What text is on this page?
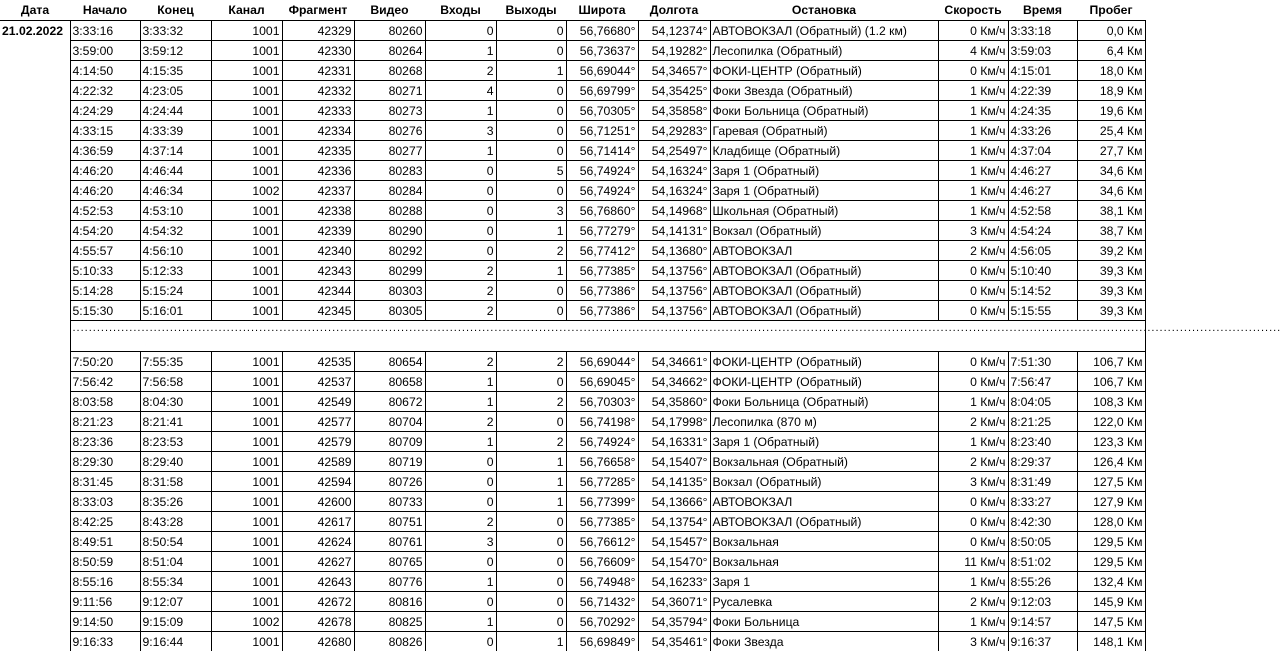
Дата	Начало	Конец	Канал	Фрагмент	Видео	Входы	Выходы	Широта	Долгота	Остановка	Скорость	Время	Пробег
21.02.2022	3:33:16	3:33:32	1001	42329	80260	0	0	56,76680°	54,12374°	АВТОВОКЗАЛ (Обратный) (1.2 км)	0 Км/ч	3:33:18	0,0 Км
	3:59:00	3:59:12	1001	42330	80264	1	0	56,73637°	54,19282°	Лесопилка (Обратный)	4 Км/ч	3:59:03	6,4 Км
	4:14:50	4:15:35	1001	42331	80268	2	1	56,69044°	54,34657°	ФОКИ-ЦЕНТР (Обратный)	0 Км/ч	4:15:01	18,0 Км
	4:22:32	4:23:05	1001	42332	80271	4	0	56,69799°	54,35425°	Фоки Звезда (Обратный)	1 Км/ч	4:22:39	18,9 Км
	4:24:29	4:24:44	1001	42333	80273	1	0	56,70305°	54,35858°	Фоки Больница (Обратный)	1 Км/ч	4:24:35	19,6 Км
	4:33:15	4:33:39	1001	42334	80276	3	0	56,71251°	54,29283°	Гаревая (Обратный)	1 Км/ч	4:33:26	25,4 Км
	4:36:59	4:37:14	1001	42335	80277	1	0	56,71414°	54,25497°	Кладбище (Обратный)	1 Км/ч	4:37:04	27,7 Км
	4:46:20	4:46:44	1001	42336	80283	0	5	56,74924°	54,16324°	Заря 1 (Обратный)	1 Км/ч	4:46:27	34,6 Км
	4:46:20	4:46:34	1002	42337	80284	0	0	56,74924°	54,16324°	Заря 1 (Обратный)	1 Км/ч	4:46:27	34,6 Км
	4:52:53	4:53:10	1001	42338	80288	0	3	56,76860°	54,14968°	Школьная (Обратный)	1 Км/ч	4:52:58	38,1 Км
	4:54:20	4:54:32	1001	42339	80290	0	1	56,77279°	54,14131°	Вокзал (Обратный)	3 Км/ч	4:54:24	38,7 Км
	4:55:57	4:56:10	1001	42340	80292	0	2	56,77412°	54,13680°	АВТОВОКЗАЛ	2 Км/ч	4:56:05	39,2 Км
	5:10:33	5:12:33	1001	42343	80299	2	1	56,77385°	54,13756°	АВТОВОКЗАЛ (Обратный)	0 Км/ч	5:10:40	39,3 Км
	5:14:28	5:15:24	1001	42344	80303	2	0	56,77386°	54,13756°	АВТОВОКЗАЛ (Обратный)	0 Км/ч	5:14:52	39,3 Км
	5:15:30	5:16:01	1001	42345	80305	2	0	56,77386°	54,13756°	АВТОВОКЗАЛ (Обратный)	0 Км/ч	5:15:55	39,3 Км
	..........................................................................................................................................................................................................................................................................................................												
	7:50:20	7:55:35	1001	42535	80654	2	2	56,69044°	54,34661°	ФОКИ-ЦЕНТР (Обратный)	0 Км/ч	7:51:30	106,7 Км
	7:56:42	7:56:58	1001	42537	80658	1	0	56,69045°	54,34662°	ФОКИ-ЦЕНТР (Обратный)	0 Км/ч	7:56:47	106,7 Км
	8:03:58	8:04:30	1001	42549	80672	1	2	56,70303°	54,35860°	Фоки Больница (Обратный)	1 Км/ч	8:04:05	108,3 Км
	8:21:23	8:21:41	1001	42577	80704	2	0	56,74198°	54,17998°	Лесопилка (870 м)	2 Км/ч	8:21:25	122,0 Км
	8:23:36	8:23:53	1001	42579	80709	1	2	56,74924°	54,16331°	Заря 1 (Обратный)	1 Км/ч	8:23:40	123,3 Км
	8:29:30	8:29:40	1001	42589	80719	0	1	56,76658°	54,15407°	Вокзальная (Обратный)	2 Км/ч	8:29:37	126,4 Км
	8:31:45	8:31:58	1001	42594	80726	0	1	56,77285°	54,14135°	Вокзал (Обратный)	3 Км/ч	8:31:49	127,5 Км
	8:33:03	8:35:26	1001	42600	80733	0	1	56,77399°	54,13666°	АВТОВОКЗАЛ	0 Км/ч	8:33:27	127,9 Км
	8:42:25	8:43:28	1001	42617	80751	2	0	56,77385°	54,13754°	АВТОВОКЗАЛ (Обратный)	0 Км/ч	8:42:30	128,0 Км
	8:49:51	8:50:54	1001	42624	80761	3	0	56,76612°	54,15457°	Вокзальная	0 Км/ч	8:50:05	129,5 Км
	8:50:59	8:51:04	1001	42627	80765	0	0	56,76609°	54,15470°	Вокзальная	11 Км/ч	8:51:02	129,5 Км
	8:55:16	8:55:34	1001	42643	80776	1	0	56,74948°	54,16233°	Заря 1	1 Км/ч	8:55:26	132,4 Км
	9:11:56	9:12:07	1001	42672	80816	0	0	56,71432°	54,36071°	Русалевка	2 Км/ч	9:12:03	145,9 Км
	9:14:50	9:15:09	1002	42678	80825	1	0	56,70292°	54,35794°	Фоки Больница	1 Км/ч	9:14:57	147,5 Км
	9:16:33	9:16:44	1001	42680	80826	0	1	56,69849°	54,35461°	Фоки Звезда	3 Км/ч	9:16:37	148,1 Км
